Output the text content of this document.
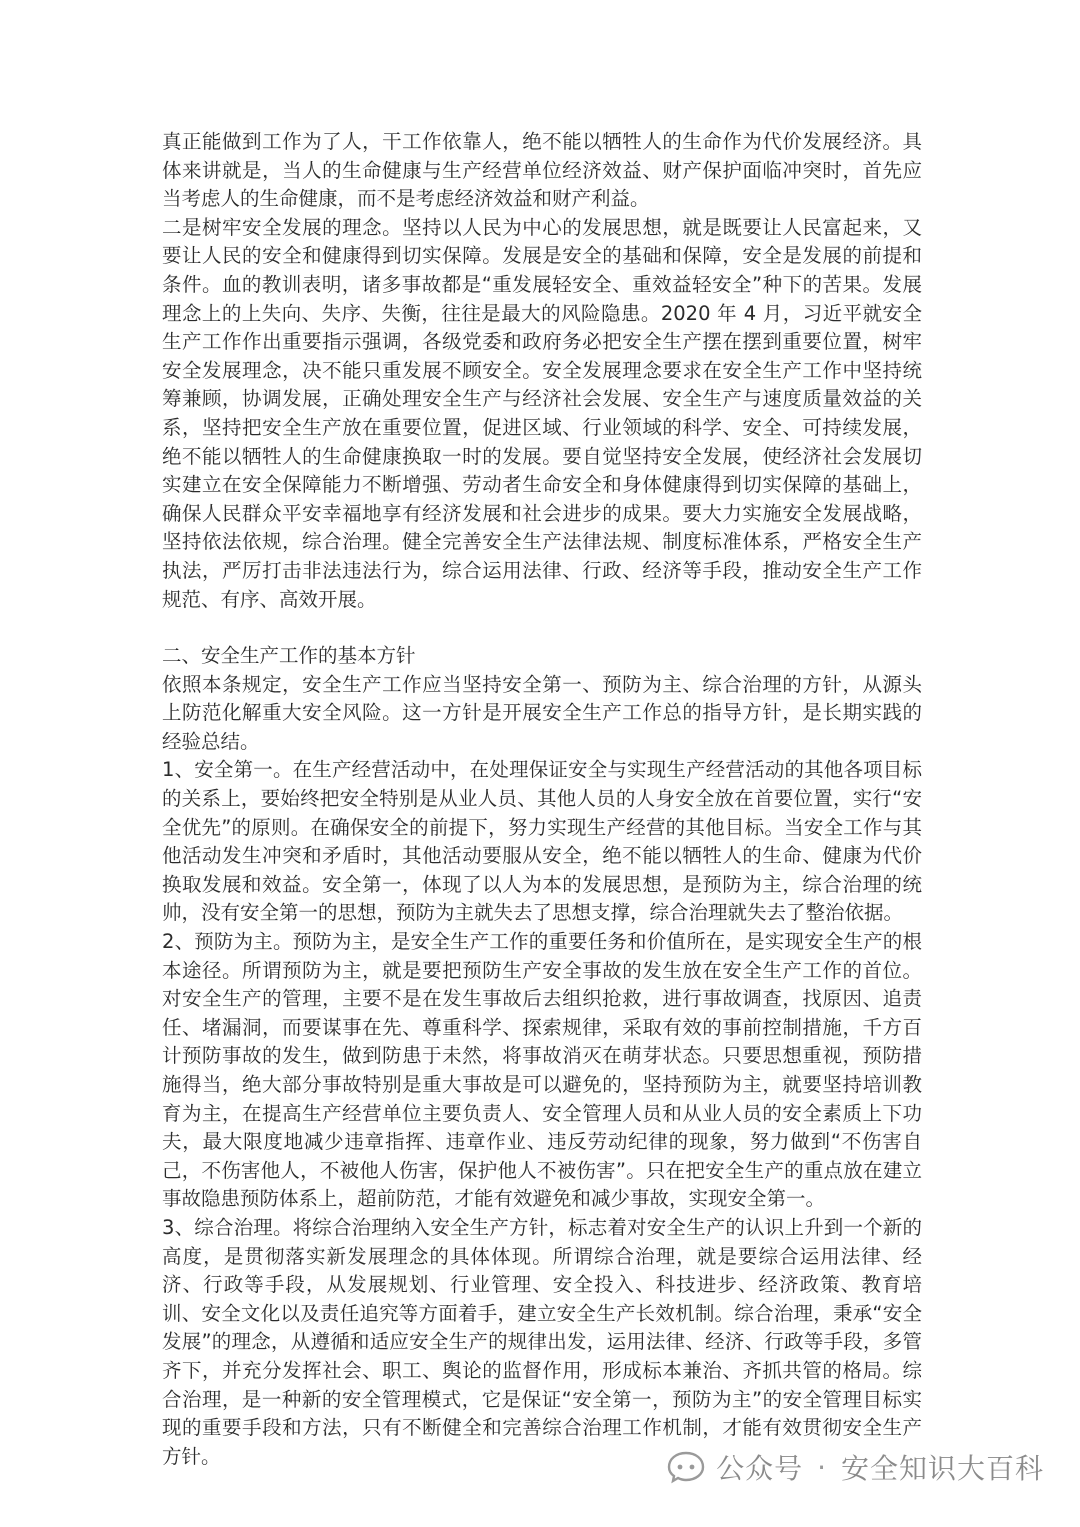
真正能做到工作为了人，干工作依靠人，绝不能以牺牲人的生命作为代价发展经济。具体来讲就是，当人的生命健康与生产经营单位经济效益、财产保护面临冲突时，首先应当考虑人的生命健康，而不是考虑经济效益和财产利益。

二是树牢安全发展的理念。坚持以人民为中心的发展思想，就是既要让人民富起来，又要让人民的安全和健康得到切实保障。发展是安全的基础和保障，安全是发展的前提和条件。血的教训表明，诸多事故都是“重发展轻安全、重效益轻安全”种下的苦果。发展理念上的上失向、失序、失衡，往往是最大的风险隐患。2020 年 4 月，习近平就安全生产工作作出重要指示强调，各级党委和政府务必把安全生产摆在摆到重要位置，树牢安全发展理念，决不能只重发展不顾安全。安全发展理念要求在安全生产工作中坚持统筹兼顾，协调发展，正确处理安全生产与经济社会发展、安全生产与速度质量效益的关系，坚持把安全生产放在重要位置，促进区域、行业领域的科学、安全、可持续发展，绝不能以牺牲人的生命健康换取一时的发展。要自觉坚持安全发展，使经济社会发展切实建立在安全保障能力不断增强、劳动者生命安全和身体健康得到切实保障的基础上，确保人民群众平安幸福地享有经济发展和社会进步的成果。要大力实施安全发展战略，坚持依法依规，综合治理。健全完善安全生产法律法规、制度标准体系，严格安全生产执法，严厉打击非法违法行为，综合运用法律、行政、经济等手段，推动安全生产工作规范、有序、高效开展。

二、安全生产工作的基本方针

依照本条规定，安全生产工作应当坚持安全第一、预防为主、综合治理的方针，从源头上防范化解重大安全风险。这一方针是开展安全生产工作总的指导方针，是长期实践的经验总结。

1、安全第一。在生产经营活动中，在处理保证安全与实现生产经营活动的其他各项目标的关系上，要始终把安全特别是从业人员、其他人员的人身安全放在首要位置，实行“安全优先”的原则。在确保安全的前提下，努力实现生产经营的其他目标。当安全工作与其他活动发生冲突和矛盾时，其他活动要服从安全，绝不能以牺牲人的生命、健康为代价换取发展和效益。安全第一，体现了以人为本的发展思想，是预防为主，综合治理的统帅，没有安全第一的思想，预防为主就失去了思想支撑，综合治理就失去了整治依据。

2、预防为主。预防为主，是安全生产工作的重要任务和价值所在，是实现安全生产的根本途径。所谓预防为主，就是要把预防生产安全事故的发生放在安全生产工作的首位。对安全生产的管理，主要不是在发生事故后去组织抢救，进行事故调查，找原因、追责任、堵漏洞，而要谋事在先、尊重科学、探索规律，采取有效的事前控制措施，千方百计预防事故的发生，做到防患于未然，将事故消灭在萌芽状态。只要思想重视，预防措施得当，绝大部分事故特别是重大事故是可以避免的，坚持预防为主，就要坚持培训教育为主，在提高生产经营单位主要负责人、安全管理人员和从业人员的安全素质上下功夫，最大限度地减少违章指挥、违章作业、违反劳动纪律的现象，努力做到“不伤害自己，不伤害他人，不被他人伤害，保护他人不被伤害”。只在把安全生产的重点放在建立事故隐患预防体系上，超前防范，才能有效避免和减少事故，实现安全第一。

3、综合治理。将综合治理纳入安全生产方针，标志着对安全生产的认识上升到一个新的高度，是贯彻落实新发展理念的具体体现。所谓综合治理，就是要综合运用法律、经济、行政等手段，从发展规划、行业管理、安全投入、科技进步、经济政策、教育培训、安全文化以及责任追究等方面着手，建立安全生产长效机制。综合治理，秉承“安全发展”的理念，从遵循和适应安全生产的规律出发，运用法律、经济、行政等手段，多管齐下，并充分发挥社会、职工、舆论的监督作用，形成标本兼治、齐抓共管的格局。综合治理，是一种新的安全管理模式，它是保证“安全第一，预防为主”的安全管理目标实现的重要手段和方法，只有不断健全和完善综合治理工作机制，才能有效贯彻安全生产方针。	公众号 · 安全知识大百科
